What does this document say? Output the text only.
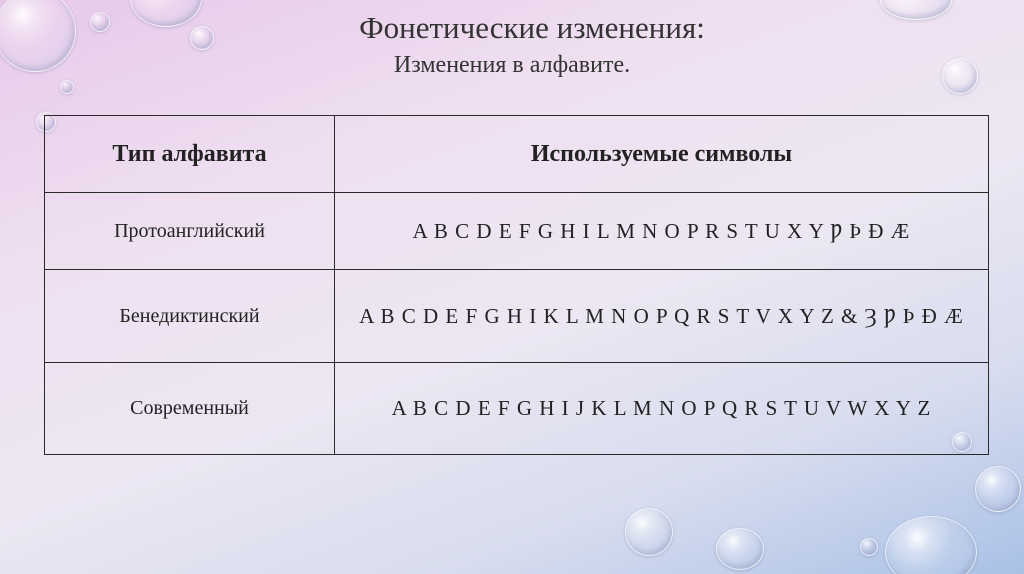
Фонетические изменения:
Изменения в алфавите.
Тип алфавита	Используемые символы
Протоанглийский	A B C D E F G H I L M N O P R S T U X Y Ƿ Þ Ð Æ
Бенедиктинский	A B C D E F G H I K L M N O P Q R S T V X Y Z & Ȝ Ƿ Þ Ð Æ
Современный	A B C D E F G H I J K L M N O P Q R S T U V W X Y Z
